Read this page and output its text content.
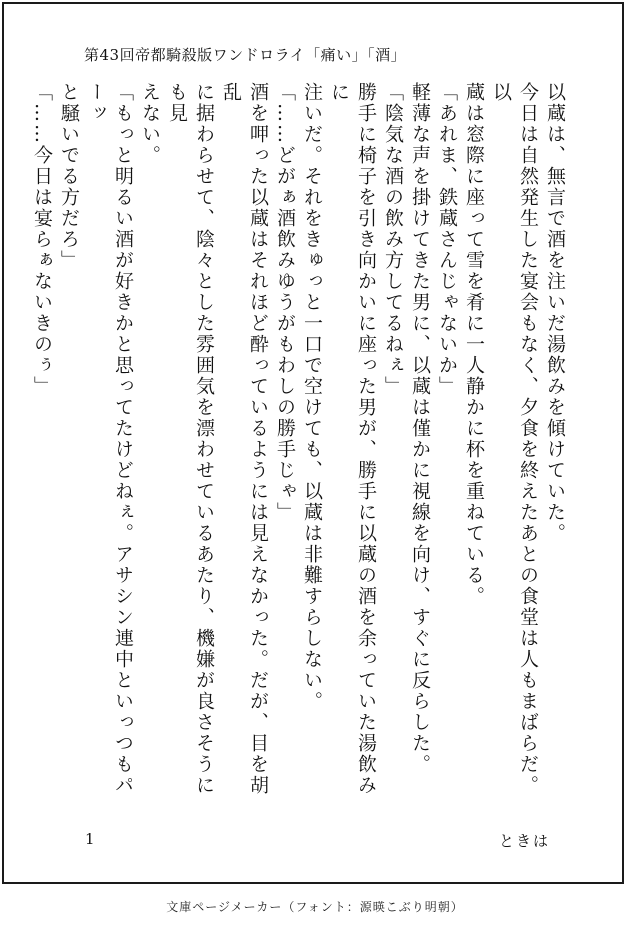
第43回帝都騎殺版ワンドロライ「痛い」「酒」

以蔵は、無言で酒を注いだ湯飲みを傾けていた。

今日は自然発生した宴会もなく、夕食を終えたあとの食堂は人もまばらだ。以

蔵は窓際に座って雪を肴に一人静かに杯を重ねている。

「あれま、鉄蔵さんじゃないか」

軽薄な声を掛けてきた男に、以蔵は僅かに視線を向け、すぐに反らした。

「陰気な酒の飲み方してるねぇ」

勝手に椅子を引き向かいに座った男が、勝手に以蔵の酒を余っていた湯飲みに

注いだ。それをきゅっと一口で空けても、以蔵は非難すらしない。

「……どがぁ酒飲みゆうがもわしの勝手じゃ」

酒を呷った以蔵はそれほど酔っているようには見えなかった。だが、目を胡乱

に据わらせて、陰々とした雰囲気を漂わせているあたり、機嫌が良さそうにも見

えない。

「もっと明るい酒が好きかと思ってたけどねぇ。アサシン連中といっつもパーッ

と騒いでる方だろ」

「……今日は宴らぁないきのぅ」

1	ときは
文庫ページメーカー（フォント：源暎こぶり明朝）
